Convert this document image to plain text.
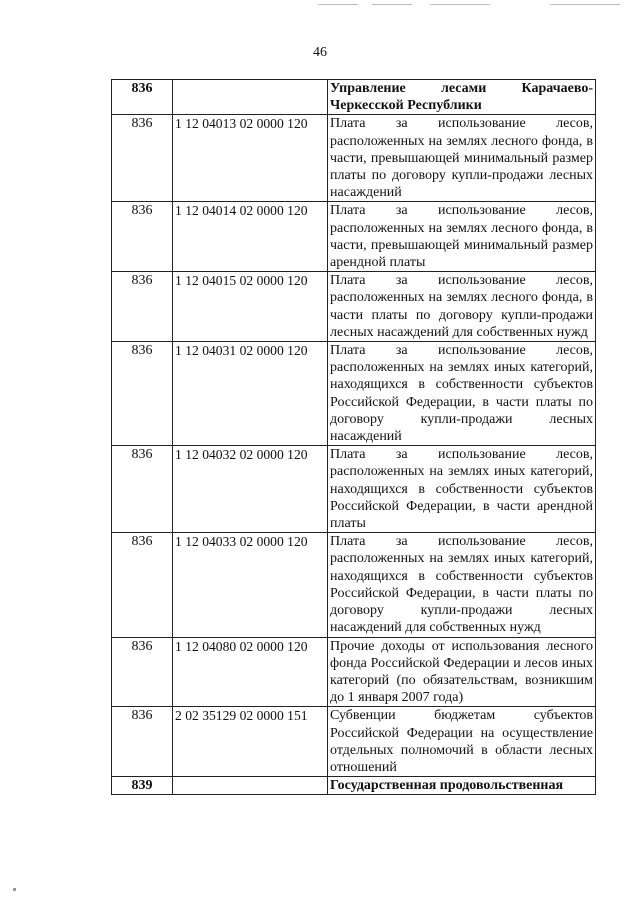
46
836		Управление лесами Карачаево-Черкесской Республики
836	1 12 04013 02 0000 120	Плата за использование лесов, расположенных на землях лесного фонда, в части, превышающей минимальный размер платы по договору купли-продажи лесных насаждений
836	1 12 04014 02 0000 120	Плата за использование лесов, расположенных на землях лесного фонда, в части, превышающей минимальный размер арендной платы
836	1 12 04015 02 0000 120	Плата за использование лесов, расположенных на землях лесного фонда, в части платы по договору купли-продажи лесных насаждений для собственных нужд
836	1 12 04031 02 0000 120	Плата за использование лесов, расположенных на землях иных категорий, находящихся в собственности субъектов Российской Федерации, в части платы по договору купли-продажи лесных насаждений
836	1 12 04032 02 0000 120	Плата за использование лесов, расположенных на землях иных категорий, находящихся в собственности субъектов Российской Федерации, в части арендной платы
836	1 12 04033 02 0000 120	Плата за использование лесов, расположенных на землях иных категорий, находящихся в собственности субъектов Российской Федерации, в части платы по договору купли-продажи лесных насаждений для собственных нужд
836	1 12 04080 02 0000 120	Прочие доходы от использования лесного фонда Российской Федерации и лесов иных категорий (по обязательствам, возникшим до 1 января 2007 года)
836	2 02 35129 02 0000 151	Субвенции бюджетам субъектов Российской Федерации на осуществление отдельных полномочий в области лесных отношений
839		Государственная продовольственная
